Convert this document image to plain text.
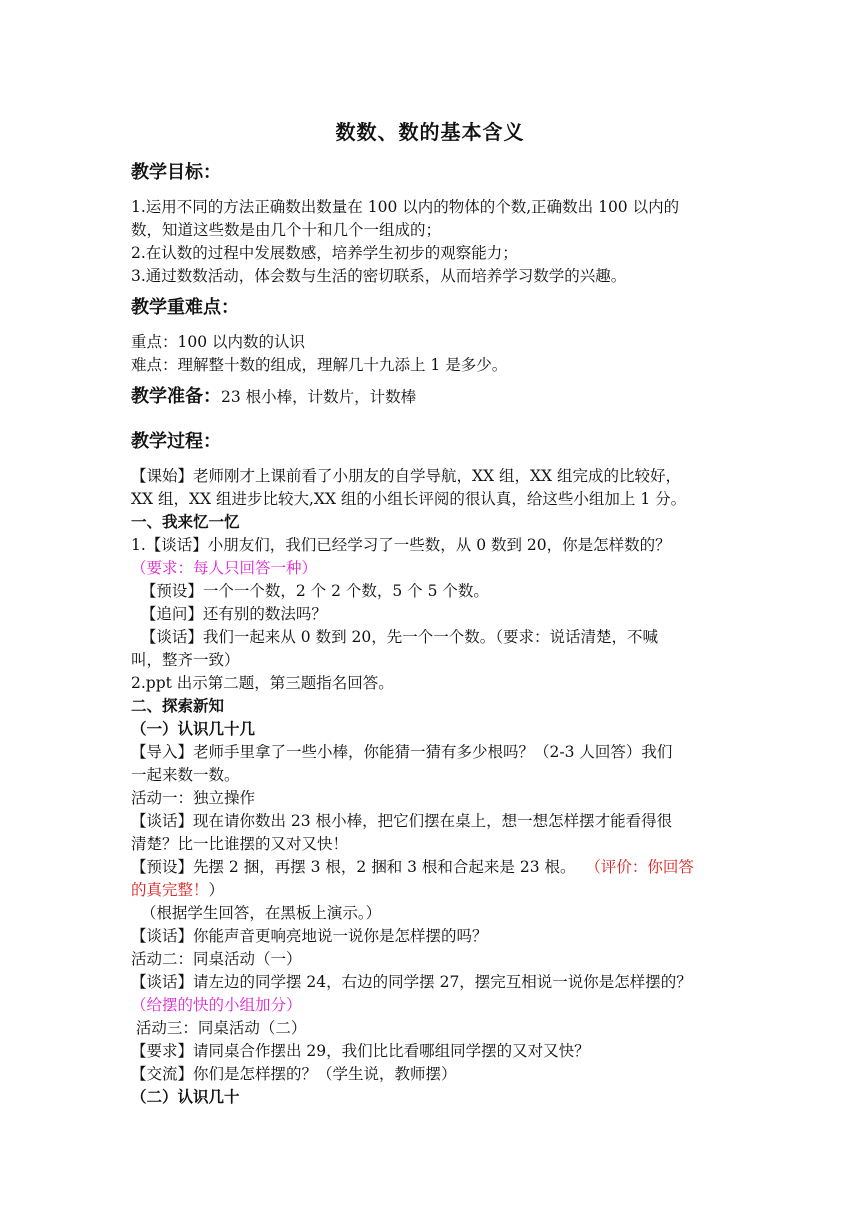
数数、数的基本含义
教学目标：
1.运用不同的方法正确数出数量在 100 以内的物体的个数,正确数出 100 以内的
数，知道这些数是由几个十和几个一组成的；
2.在认数的过程中发展数感，培养学生初步的观察能力；
3.通过数数活动，体会数与生活的密切联系，从而培养学习数学的兴趣。
教学重难点：
重点：100 以内数的认识
难点：理解整十数的组成，理解几十九添上 1 是多少。
教学准备：23 根小棒，计数片，计数棒
教学过程：
【课始】老师刚才上课前看了小朋友的自学导航，XX 组，XX 组完成的比较好，
XX 组，XX 组进步比较大,XX 组的小组长评阅的很认真，给这些小组加上 1 分。
一、我来忆一忆
1.【谈话】小朋友们，我们已经学习了一些数，从 0 数到 20，你是怎样数的？
（要求：每人只回答一种）
【预设】一个一个数，2 个 2 个数，5 个 5 个数。
【追问】还有别的数法吗？
【谈话】我们一起来从 0 数到 20，先一个一个数。（要求：说话清楚，不喊
叫，整齐一致）
2.ppt 出示第二题，第三题指名回答。
二、探索新知
（一）认识几十几
【导入】老师手里拿了一些小棒，你能猜一猜有多少根吗？（2-3 人回答）我们
一起来数一数。
活动一：独立操作
【谈话】现在请你数出 23 根小棒，把它们摆在桌上，想一想怎样摆才能看得很
清楚？比一比谁摆的又对又快！
【预设】先摆 2 捆，再摆 3 根，2 捆和 3 根和合起来是 23 根。  （评价：你回答
的真完整！）
（根据学生回答，在黑板上演示。）
【谈话】你能声音更响亮地说一说你是怎样摆的吗？
活动二：同桌活动（一）
【谈话】请左边的同学摆 24，右边的同学摆 27，摆完互相说一说你是怎样摆的？
（给摆的快的小组加分）
活动三：同桌活动（二）
【要求】请同桌合作摆出 29，我们比比看哪组同学摆的又对又快？
【交流】你们是怎样摆的？（学生说，教师摆）
（二）认识几十
